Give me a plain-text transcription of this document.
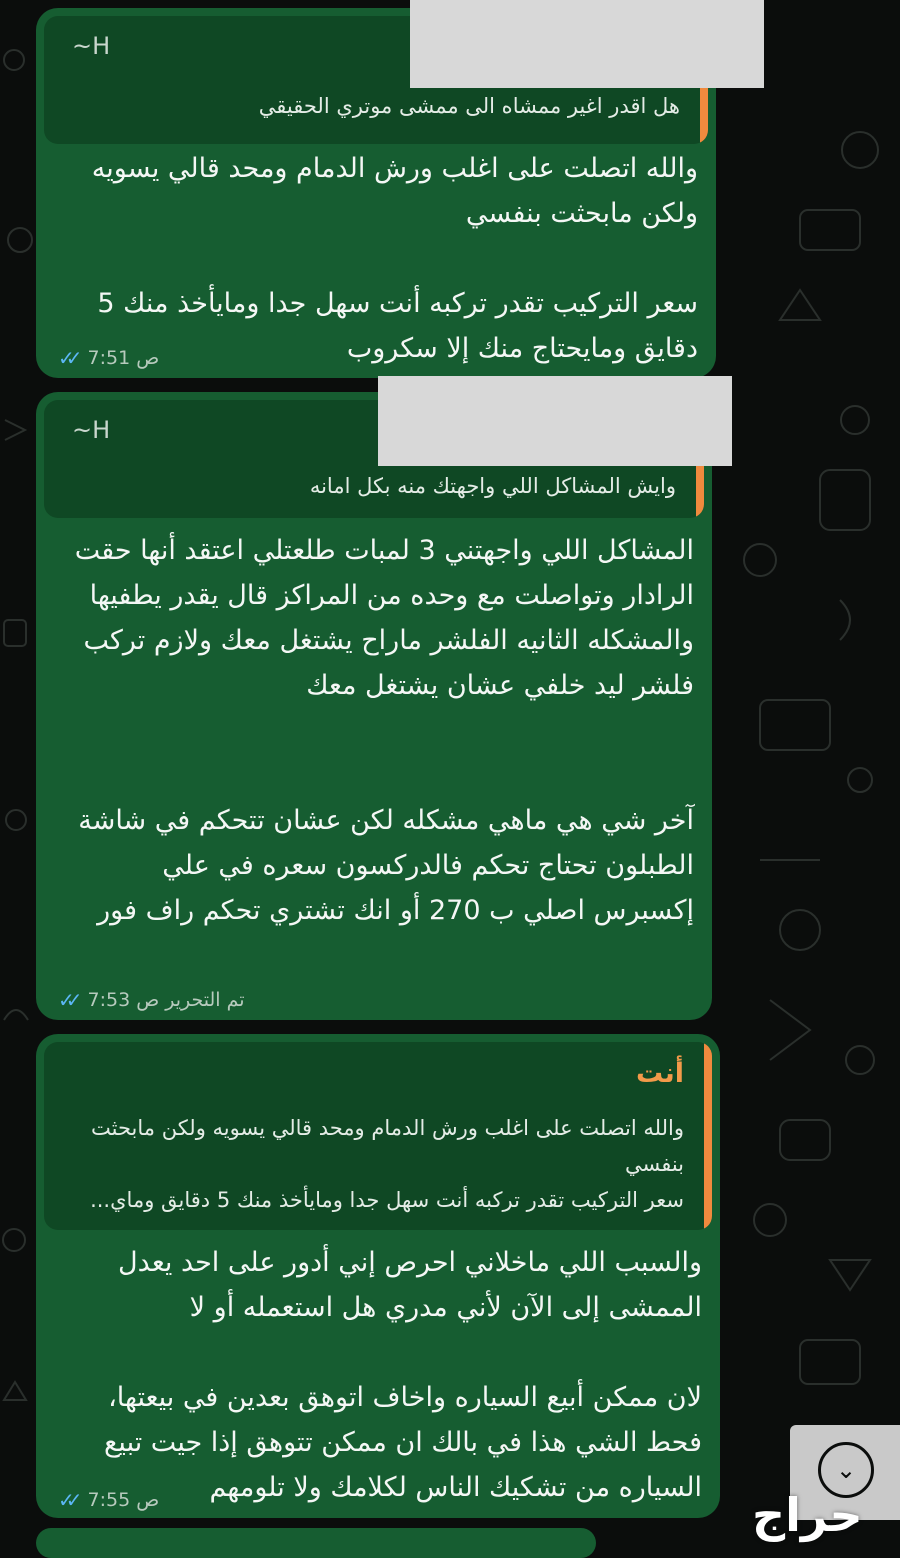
~H
هل اقدر اغير ممشاه الى ممشى موتري الحقيقي
والله اتصلت على اغلب ورش الدمام ومحد قالي يسويه ولكن مابحثت بنفسي

سعر التركيب تقدر تركبه أنت سهل جدا ومايأخذ منك 5 دقايق ومايحتاج منك إلا سكروب
✓✓ 7:51 ص
~H
وايش المشاكل اللي واجهتك منه بكل امانه
المشاكل اللي واجهتني 3 لمبات طلعتلي اعتقد أنها حقت الرادار وتواصلت مع وحده من المراكز قال يقدر يطفيها
والمشكله الثانيه الفلشر ماراح يشتغل معك ولازم تركب فلشر ليد خلفي عشان يشتغل معك

آخر شي هي ماهي مشكله لكن عشان تتحكم في شاشة الطبلون تحتاج تحكم فالدركسون سعره في علي إكسبرس اصلي ب 270 أو انك تشتري تحكم راف فور
✓✓ 7:53 ص تم التحرير
أنت
والله اتصلت على اغلب ورش الدمام ومحد قالي يسويه ولكن مابحثت بنفسي
سعر التركيب تقدر تركبه أنت سهل جدا ومايأخذ منك 5 دقايق وماي...
والسبب اللي ماخلاني احرص إني أدور على احد يعدل الممشى إلى الآن لأني مدري هل استعمله أو لا

لان ممكن أبيع السياره واخاف اتوهق بعدين في بيعتها، فحط الشي هذا في بالك ان ممكن تتوهق إذا جيت تبيع السياره من تشكيك الناس لكلامك ولا تلومهم
✓✓ 7:55 ص
⌄
حراج
